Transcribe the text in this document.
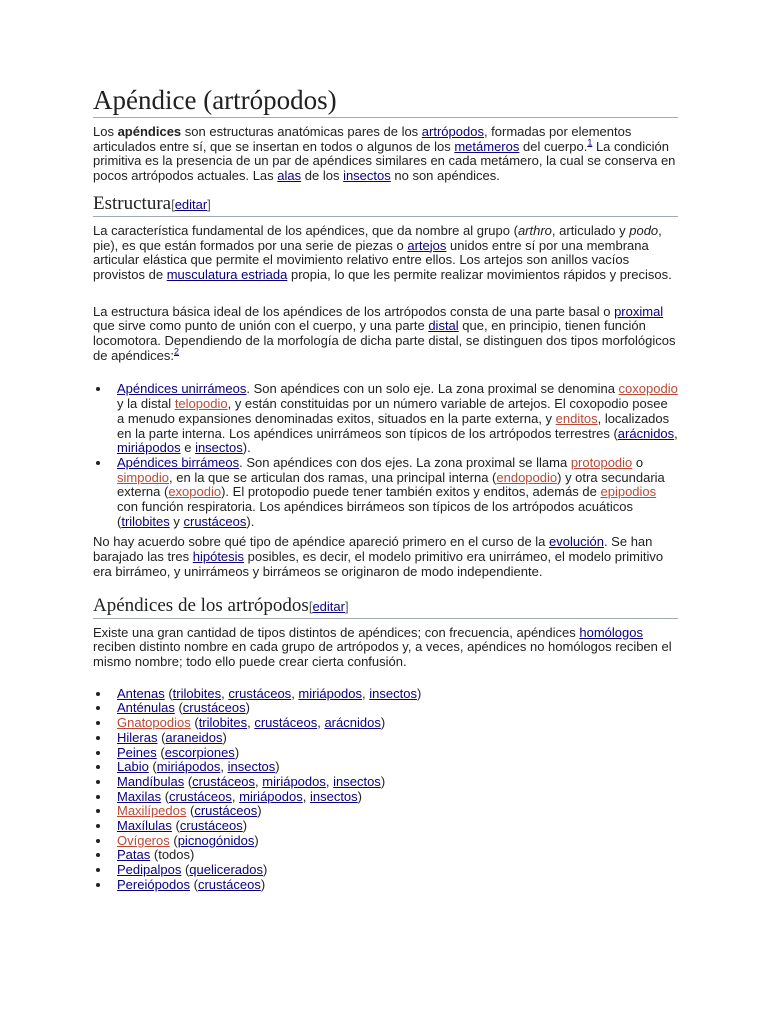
Apéndice (artrópodos)

Los apéndices son estructuras anatómicas pares de los artrópodos, formadas por elementos articulados entre sí, que se insertan en todos o algunos de los metámeros del cuerpo.$^1$ La condición primitiva es la presencia de un par de apéndices similares en cada metámero, la cual se conserva en pocos artrópodos actuales. Las alas de los insectos no son apéndices.

Estructura[editar]

La característica fundamental de los apéndices, que da nombre al grupo (arthro, articulado y podo, pie), es que están formados por una serie de piezas o artejos unidos entre sí por una membrana articular elástica que permite el movimiento relativo entre ellos. Los artejos son anillos vacíos provistos de musculatura estriada propia, lo que les permite realizar movimientos rápidos y precisos.

La estructura básica ideal de los apéndices de los artrópodos consta de una parte basal o proximal que sirve como punto de unión con el cuerpo, y una parte distal que, en principio, tienen función locomotora. Dependiendo de la morfología de dicha parte distal, se distinguen dos tipos morfológicos de apéndices:$^2$

Apéndices unirrámeos. Son apéndices con un solo eje. La zona proximal se denomina coxopodio y la distal telopodio, y están constituidas por un número variable de artejos. El coxopodio posee a menudo expansiones denominadas exitos, situados en la parte externa, y enditos, localizados en la parte interna. Los apéndices unirrámeos son típicos de los artrópodos terrestres (arácnidos, miriápodos e insectos).
Apéndices birrámeos. Son apéndices con dos ejes. La zona proximal se llama protopodio o simpodio, en la que se articulan dos ramas, una principal interna (endopodio) y otra secundaria externa (exopodio). El protopodio puede tener también exitos y enditos, además de epipodios con función respiratoria. Los apéndices birrámeos son típicos de los artrópodos acuáticos (trilobites y crustáceos).

No hay acuerdo sobre qué tipo de apéndice apareció primero en el curso de la evolución. Se han barajado las tres hipótesis posibles, es decir, el modelo primitivo era unirrámeo, el modelo primitivo era birrámeo, y unirrámeos y birrámeos se originaron de modo independiente.

Apéndices de los artrópodos[editar]

Existe una gran cantidad de tipos distintos de apéndices; con frecuencia, apéndices homólogos reciben distinto nombre en cada grupo de artrópodos y, a veces, apéndices no homólogos reciben el mismo nombre; todo ello puede crear cierta confusión.

Antenas (trilobites, crustáceos, miriápodos, insectos)
Anténulas (crustáceos)
Gnatopodios (trilobites, crustáceos, arácnidos)
Hileras (araneidos)
Peines (escorpiones)
Labio (miriápodos, insectos)
Mandíbulas (crustáceos, miriápodos, insectos)
Maxilas (crustáceos, miriápodos, insectos)
Maxilípedos (crustáceos)
Maxílulas (crustáceos)
Ovígeros (picnogónidos)
Patas (todos)
Pedipalpos (quelicerados)
Pereiópodos (crustáceos)
